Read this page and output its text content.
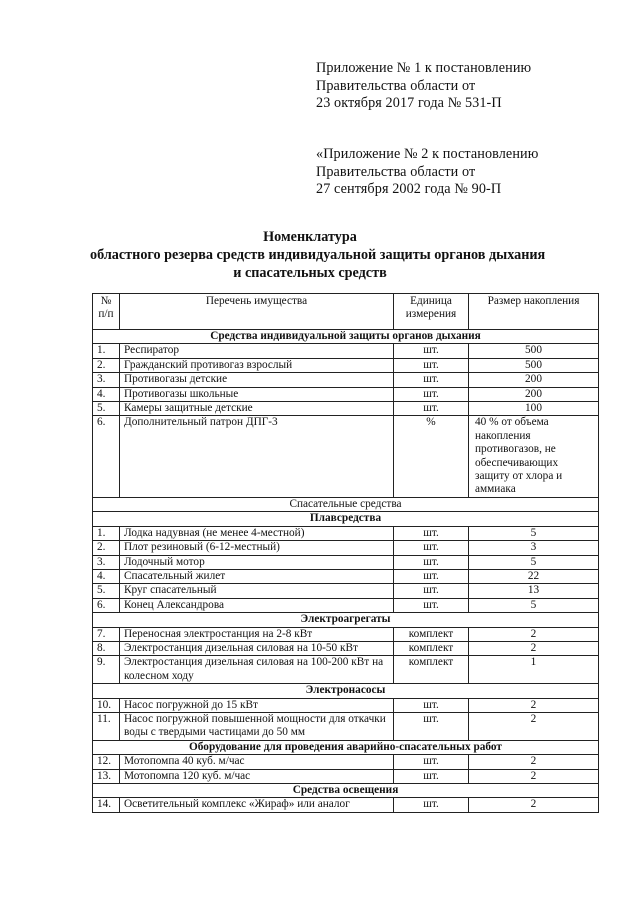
Приложение № 1 к постановлению
Правительства области от
23 октября 2017 года № 531-П
«Приложение № 2 к постановлению
Правительства области от
27 сентября 2002 года № 90-П
Номенклатура
областного резерва средств индивидуальной защиты органов дыхания
и спасательных средств
№ п/п	Перечень имущества	Единица измерения	Размер накопления
Средства индивидуальной защиты органов дыхания			
1.	Респиратор	шт.	500
2.	Гражданский противогаз взрослый	шт.	500
3.	Противогазы детские	шт.	200
4.	Противогазы школьные	шт.	200
5.	Камеры защитные детские	шт.	100
6.	Дополнительный патрон ДПГ-3	%	40 % от объема накопления противогазов, не обеспечивающих защиту от хлора и аммиака
Спасательные средства			
Плавсредства			
1.	Лодка надувная (не менее 4-местной)	шт.	5
2.	Плот резиновый (6-12-местный)	шт.	3
3.	Лодочный мотор	шт.	5
4.	Спасательный жилет	шт.	22
5.	Круг спасательный	шт.	13
6.	Конец Александрова	шт.	5
Электроагрегаты			
7.	Переносная электростанция на 2-8 кВт	комплект	2
8.	Электростанция дизельная силовая на 10-50 кВт	комплект	2
9.	Электростанция дизельная силовая на 100-200 кВт на колесном ходу	комплект	1
Электронасосы			
10.	Насос погружной до 15 кВт	шт.	2
11.	Насос погружной повышенной мощности для откачки воды с твердыми частицами до 50 мм	шт.	2
Оборудование для проведения аварийно-спасательных работ			
12.	Мотопомпа 40 куб. м/час	шт.	2
13.	Мотопомпа 120 куб. м/час	шт.	2
Средства освещения			
14.	Осветительный комплекс «Жираф» или аналог	шт.	2
